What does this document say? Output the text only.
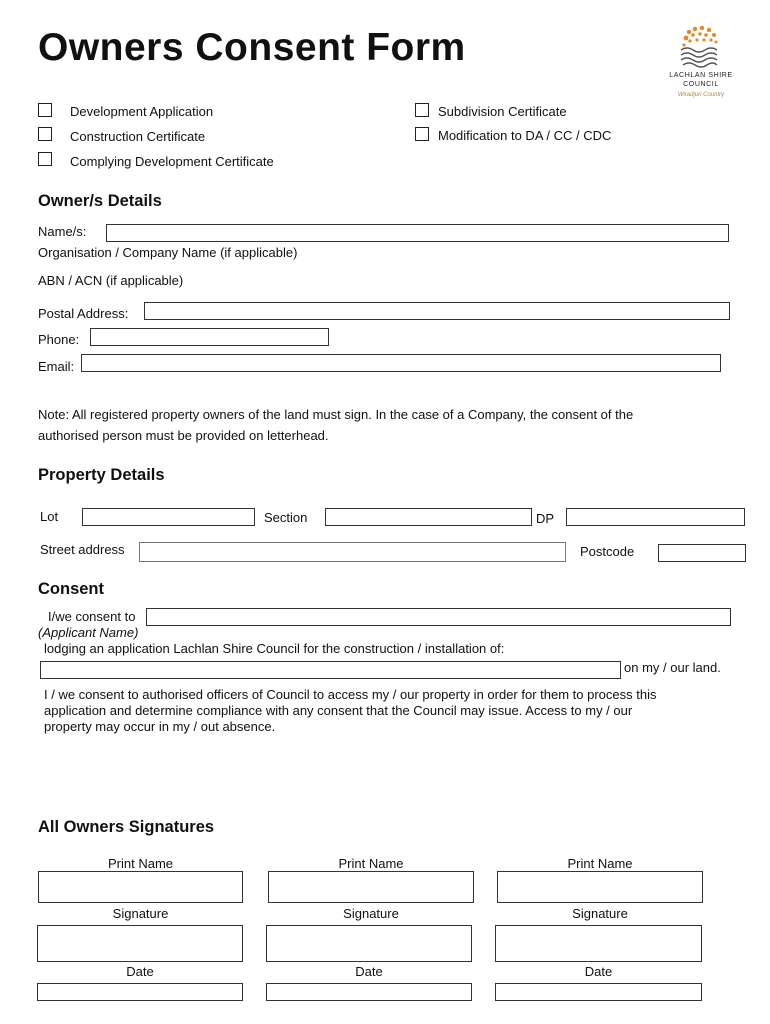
Owners Consent Form
LACHLAN SHIRE
COUNCIL
Wiradjuri Country
Development Application
Construction Certificate
Complying Development Certificate
Subdivision Certificate
Modification to DA / CC / CDC
Owner/s Details
Name/s:
Organisation / Company Name (if applicable)
ABN / ACN (if applicable)
Postal Address:
Phone:
Email:
Note: All registered property owners of the land must sign. In the case of a Company, the consent of the
authorised person must be provided on letterhead.
Property Details
Lot	Section	DP
Street address	Postcode
Consent
I/we consent to
(Applicant Name)
lodging an application Lachlan Shire Council for the construction / installation of:
on my / our land.
I / we consent to authorised officers of Council to access my / our property in order for them to process this
application and determine compliance with any consent that the Council may issue. Access to my / our
property may occur in my / out absence.
All Owners Signatures
Print Name
Signature
Date
Print Name
Signature
Date
Print Name
Signature
Date
